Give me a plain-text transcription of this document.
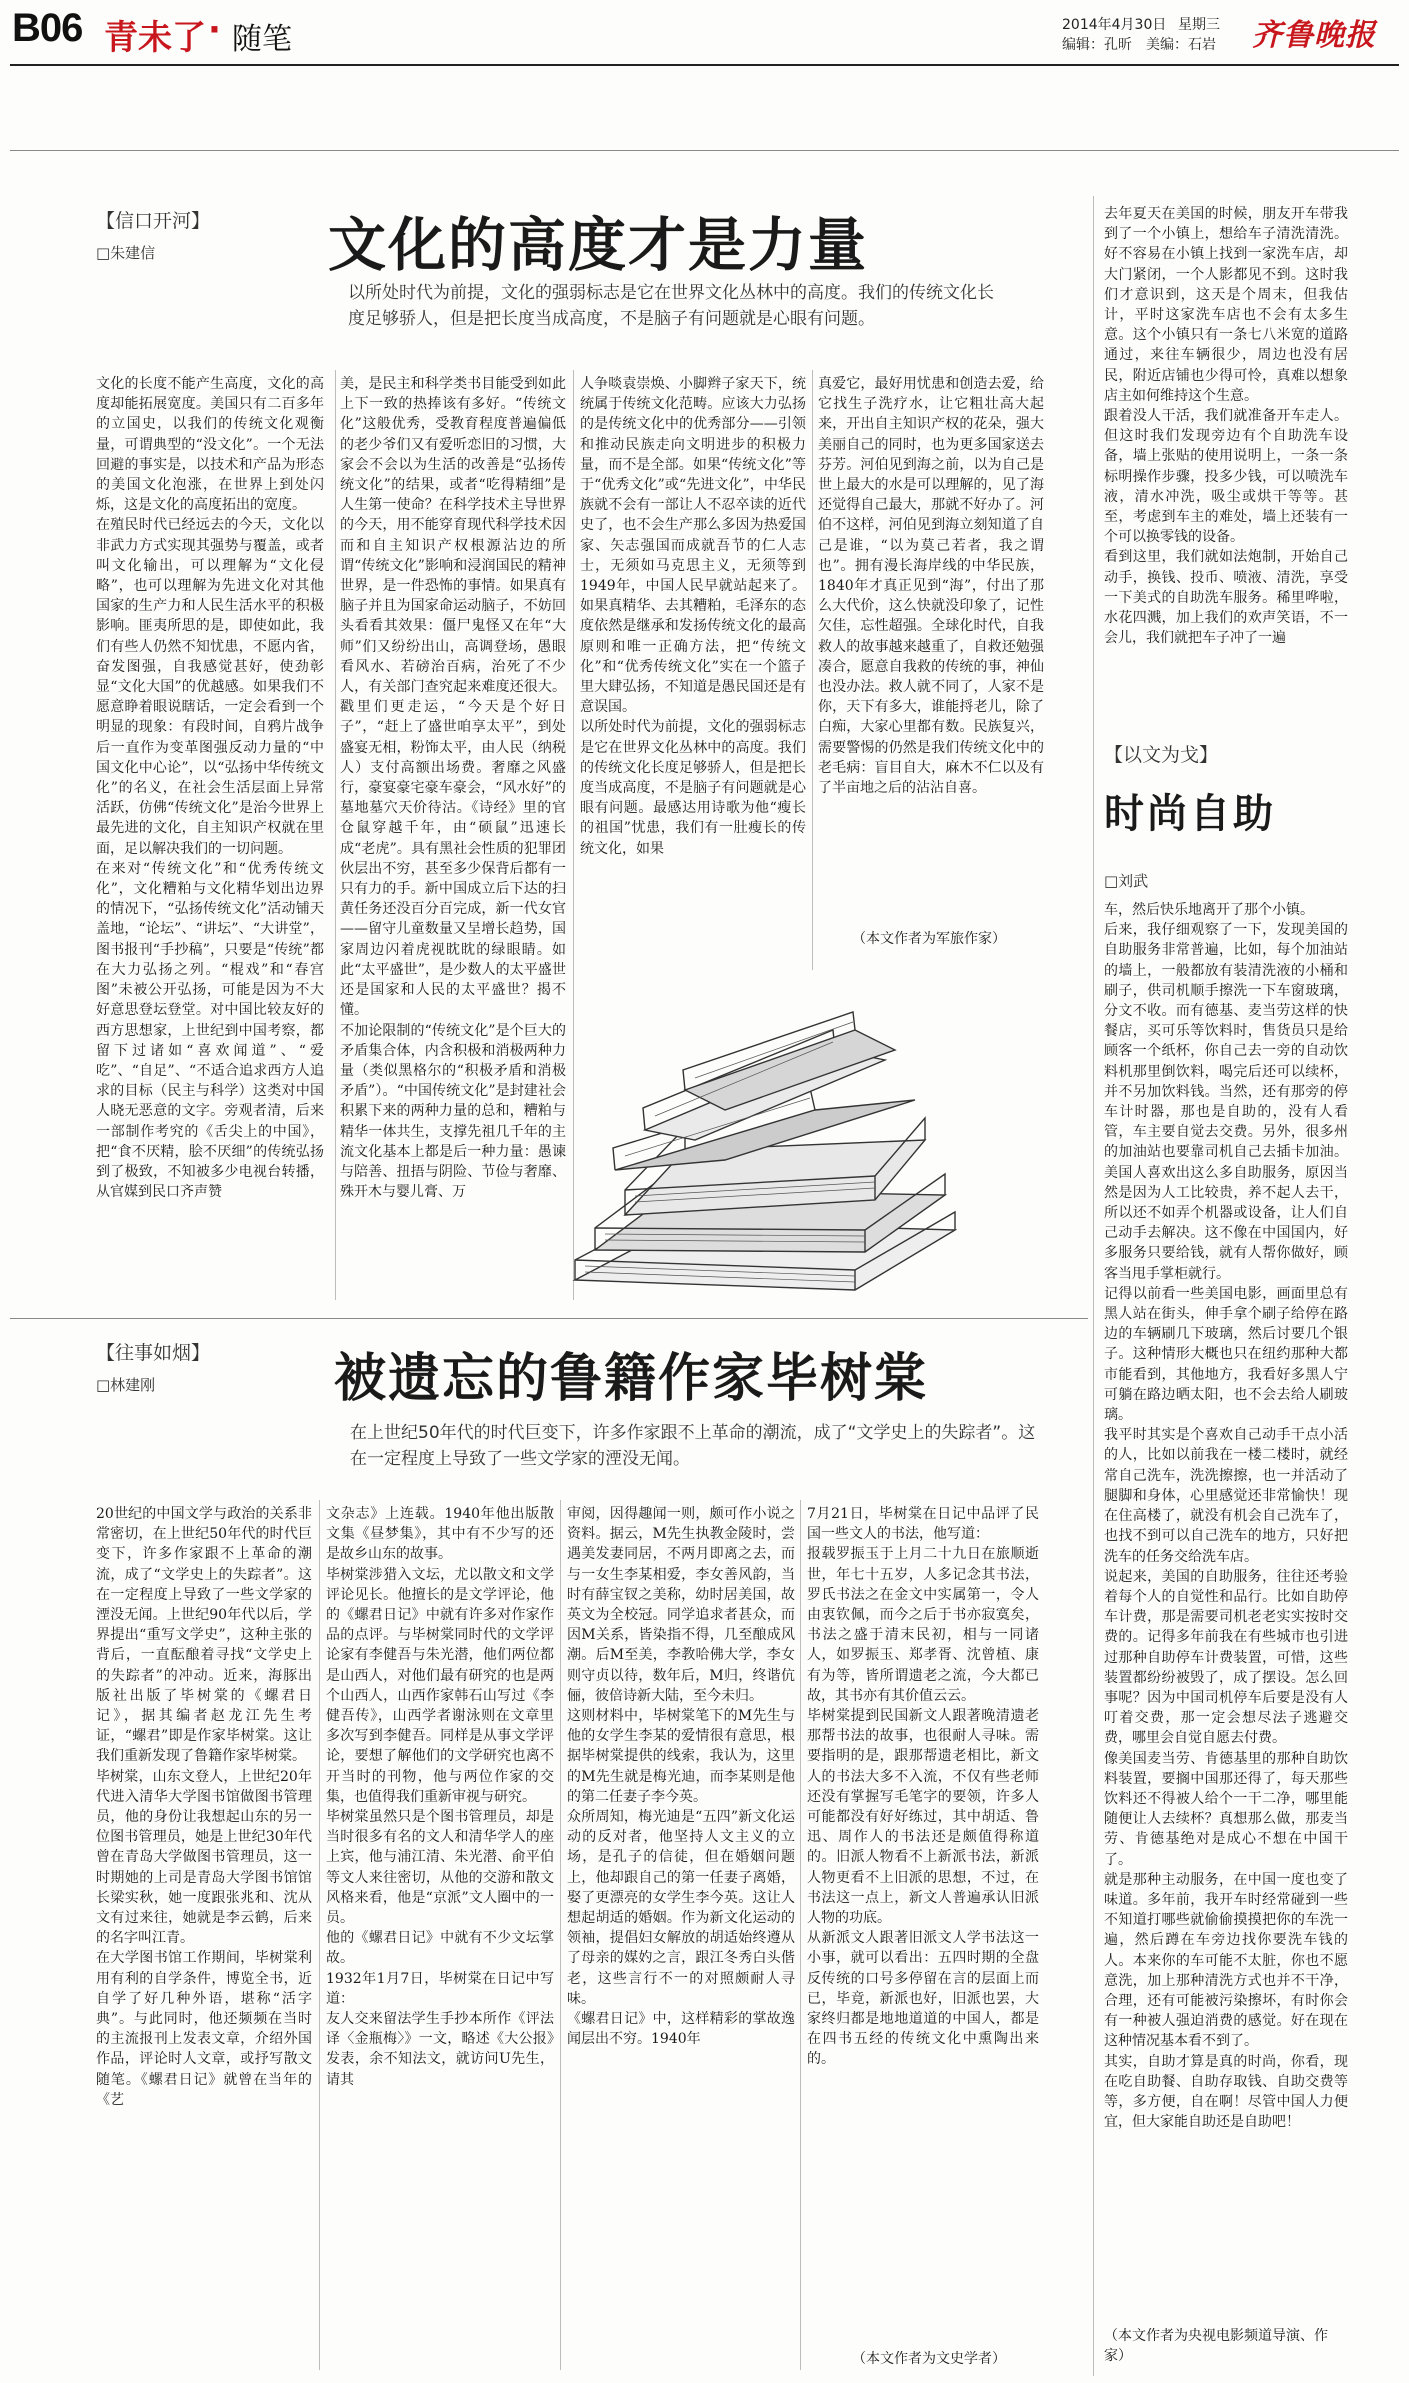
B06 青未了 · 随笔	2014年4月30日 星期三
编辑：孔昕　美编：石岩 齐鲁晚报
【信口开河】
□朱建信	文化的高度才是力量
以所处时代为前提，文化的强弱标志是它在世界文化丛林中的高度。我们的传统文化长度足够骄人，但是把长度当成高度，不是脑子有问题就是心眼有问题。
文化的长度不能产生高度，文化的高度却能拓展宽度。美国只有二百多年的立国史，以我们的传统文化观衡量，可谓典型的“没文化”。一个无法回避的事实是，以技术和产品为形态的美国文化泡涨，在世界上到处闪烁，这是文化的高度拓出的宽度。
在殖民时代已经远去的今天，文化以非武力方式实现其强势与覆盖，或者叫文化输出，可以理解为“文化侵略”，也可以理解为先进文化对其他国家的生产力和人民生活水平的积极影响。匪夷所思的是，即使如此，我们有些人仍然不知忧患，不愿内省，奋发图强，自我感觉甚好，使劲彰显“文化大国”的优越感。如果我们不愿意睁着眼说瞎话，一定会看到一个明显的现象：有段时间，自鸦片战争后一直作为变革图强反动力量的“中国文化中心论”，以“弘扬中华传统文化”的名义，在社会生活层面上异常活跃，仿佛“传统文化”是治今世界上最先进的文化，自主知识产权就在里面，足以解决我们的一切问题。
在来对“传统文化”和“优秀传统文化”，文化糟粕与文化精华划出边界的情况下，“弘扬传统文化”活动铺天盖地，“论坛”、“讲坛”、“大讲堂”，图书报刊“手抄稿”，只要是“传统”都在大力弘扬之列。“棍戏”和“春宫图”未被公开弘扬，可能是因为不大好意思登坛登堂。对中国比较友好的西方思想家，上世纪到中国考察，都留下过诸如“喜欢闻道”、“爱吃”、“自足”、“不适合追求西方人追求的目标（民主与科学）这类对中国人晓无恶意的文字。旁观者清，后来一部制作考究的《舌尖上的中国》，把“食不厌精，脍不厌细”的传统弘扬到了极致，不知被多少电视台转播，从官媒到民口齐声赞
美，是民主和科学类书目能受到如此上下一致的热捧该有多好。“传统文化”这般优秀，受教育程度普遍偏低的老少爷们又有爱听恋旧的习惯，大家会不会以为生活的改善是“弘扬传统文化”的结果，或者“吃得精细”是人生第一使命？在科学技术主导世界的今天，用不能穿育现代科学技术因而和自主知识产权根源沾边的所谓“传统文化”影响和浸润国民的精神世界，是一件恐怖的事情。如果真有脑子并且为国家命运动脑子，不妨回头看看其效果：僵尸鬼怪又在年“大师”们又纷纷出山，高调登场，愚眼看风水、若磅治百病，治死了不少人，有关部门查究起来难度还很大。戳里们更走运，“今天是个好日子”，“赶上了盛世咱享太平”，到处盛宴无相，粉饰太平，由人民（纳税人）支付高额出场费。奢靡之风盛行，豪宴豪宅豪车豪会，“风水好”的墓地墓穴天价待沽。《诗经》里的官仓鼠穿越千年，由“硕鼠”迅速长成“老虎”。具有黑社会性质的犯罪团伙层出不穷，甚至多少保背后都有一只有力的手。新中国成立后下达的扫黄任务还没百分百完成，新一代女官——留守儿童数量又呈增长趋势，国家周边闪着虎视眈眈的绿眼睛。如此“太平盛世”，是少数人的太平盛世还是国家和人民的太平盛世？揭不懂。
不加论限制的“传统文化”是个巨大的矛盾集合体，内含积极和消极两种力量（类似黑格尔的“积极矛盾和消极矛盾”）。“中国传统文化”是封建社会积累下来的两种力量的总和，糟粕与精华一体共生，支撑先祖几千年的主流文化基本上都是后一种力量：愚谏与陪善、扭捂与阴险、节俭与奢靡、殊开木与婴儿膏、万
人争啖袁崇焕、小脚辫子家天下，统统属于传统文化范畴。应该大力弘扬的是传统文化中的优秀部分——引领和推动民族走向文明进步的积极力量，而不是全部。如果“传统文化”等于“优秀文化”或“先进文化”，中华民族就不会有一部让人不忍卒读的近代史了，也不会生产那么多因为热爱国家、矢志强国而成就吾节的仁人志士，无须如马克思主义，无须等到1949年，中国人民早就站起来了。如果真精华、去其糟粕，毛泽东的态度依然是继承和发扬传统文化的最高原则和唯一正确方法，把“传统文化”和“优秀传统文化”实在一个篮子里大肆弘扬，不知道是愚民国还是有意误国。
以所处时代为前提，文化的强弱标志是它在世界文化丛林中的高度。我们的传统文化长度足够骄人，但是把长度当成高度，不是脑子有问题就是心眼有问题。最感达用诗歌为他“瘦长的祖国”忧患，我们有一肚瘦长的传统文化，如果
真爱它，最好用忧患和创造去爱，给它找生子洗疗水，让它粗壮高大起来，开出自主知识产权的花朵，强大美丽自己的同时，也为更多国家送去芬芳。河伯见到海之前，以为自己是世上最大的水是可以理解的，见了海还觉得自己最大，那就不好办了。河伯不这样，河伯见到海立刻知道了自己是谁，“以为莫己若者，我之谓也”。拥有漫长海岸线的中华民族，1840年才真正见到“海”，付出了那么大代价，这么快就没印象了，记性欠佳，忘性超强。全球化时代，自我救人的故事越来越重了，自救还勉强凑合，愿意自我救的传统的事，神仙也没办法。救人就不同了，人家不是你，天下有多大，谁能捋老儿，除了白痴，大家心里都有数。民族复兴，需要警惕的仍然是我们传统文化中的老毛病：盲目自大，麻木不仁以及有了半亩地之后的沾沾自喜。
（本文作者为军旅作家）
【往事如烟】
□林建刚	被遗忘的鲁籍作家毕树棠
在上世纪50年代的时代巨变下，许多作家跟不上革命的潮流，成了“文学史上的失踪者”。这在一定程度上导致了一些文学家的湮没无闻。
20世纪的中国文学与政治的关系非常密切，在上世纪50年代的时代巨变下，许多作家跟不上革命的潮流，成了“文学史上的失踪者”。这在一定程度上导致了一些文学家的湮没无闻。上世纪90年代以后，学界提出“重写文学史”，这种主张的背后，一直酝酿着寻找“文学史上的失踪者”的冲动。近来，海豚出版社出版了毕树棠的《螺君日记》，据其编者赵龙江先生考证，“螺君”即是作家毕树棠。这让我们重新发现了鲁籍作家毕树棠。
毕树棠，山东文登人，上世纪20年代进入清华大学图书馆做图书管理员，他的身份让我想起山东的另一位图书管理员，她是上世纪30年代曾在青岛大学做图书管理员，这一时期她的上司是青岛大学图书馆馆长梁实秋，她一度跟张兆和、沈从文有过来往，她就是李云鹤，后来的名字叫江青。
在大学图书馆工作期间，毕树棠利用有利的自学条件，博览全书，近自学了好几种外语，堪称“活字典”。与此同时，他还频频在当时的主流报刊上发表文章，介绍外国作品，评论时人文章，或抒写散文随笔。《螺君日记》就曾在当年的《艺
文杂志》上连载。1940年他出版散文集《昼梦集》，其中有不少写的还是故乡山东的故事。
毕树棠涉猎入文坛，尤以散文和文学评论见长。他擅长的是文学评论，他的《螺君日记》中就有许多对作家作品的点评。与毕树棠同时代的文学评论家有李健吾与朱光潜，他们两位都是山西人，对他们最有研究的也是两个山西人，山西作家韩石山写过《李健吾传》，山西学者谢泳则在文章里多次写到李健吾。同样是从事文学评论，要想了解他们的文学研究也离不开当时的刊物，他与两位作家的交集，也值得我们重新审视与研究。
毕树棠虽然只是个图书管理员，却是当时很多有名的文人和清华学人的座上宾，他与浦江清、朱光潜、俞平伯等文人来往密切，从他的交游和散文风格来看，他是“京派”文人圈中的一员。
他的《螺君日记》中就有不少文坛掌故。
1932年1月7日，毕树棠在日记中写道：
友人交来留法学生手抄本所作《评法译〈金瓶梅〉》一文，略述《大公报》发表，余不知法文，就访问U先生，请其
审阅，因得趣闻一则，颇可作小说之资料。据云，M先生执教金陵时，尝遇美发妻同居，不两月即离之去，而与一女生李某相爱，李女善风韵，当时有薛宝钗之美称，幼时居美国，故英文为全校冠。同学追求者甚众，而因M关系，皆染指不得，几至酿成风潮。后M至美，李教哈佛大学，李女则守贞以待，数年后，M归，终谐伉俪，彼倍诗新大陆，至今未归。
这则材料中，毕树棠笔下的M先生与他的女学生李某的爱情很有意思，根据毕树棠提供的线索，我认为，这里的M先生就是梅光迪，而李某则是他的第二任妻子李今英。
众所周知，梅光迪是“五四”新文化运动的反对者，他坚持人文主义的立场，是孔子的信徒，但在婚姻问题上，他却跟自己的第一任妻子离婚，娶了更漂亮的女学生李今英。这让人想起胡适的婚姻。作为新文化运动的领袖，提倡妇女解放的胡适始终遵从了母亲的媒妁之言，跟江冬秀白头偕老，这些言行不一的对照颇耐人寻味。
《螺君日记》中，这样精彩的掌故逸闻层出不穷。1940年
7月21日，毕树棠在日记中品评了民国一些文人的书法，他写道：
报载罗振玉于上月二十九日在旅顺逝世，年七十五岁，人多记念其书法，罗氏书法之在金文中实属第一，令人由衷钦佩，而今之后于书亦寂寞矣，书法之盛于清末民初，相与一同诸人，如罗振玉、郑孝胥、沈曾植、康有为等，皆所谓遗老之流，今大都已故，其书亦有其价值云云。
毕树棠提到民国新文人跟著晚清遗老那帮书法的故事，也很耐人寻味。需要指明的是，跟那帮遗老相比，新文人的书法大多不入流，不仅有些老师还没有掌握写毛笔字的要领，许多人可能都没有好好练过，其中胡适、鲁迅、周作人的书法还是颇值得称道的。旧派人物看不上新派书法，新派人物更看不上旧派的思想，不过，在书法这一点上，新文人普遍承认旧派人物的功底。
从新派文人跟著旧派文人学书法这一小事，就可以看出：五四时期的全盘反传统的口号多停留在言的层面上而已，毕竟，新派也好，旧派也罢，大家终归都是地地道道的中国人，都是在四书五经的传统文化中熏陶出来的。
（本文作者为文史学者）
去年夏天在美国的时候，朋友开车带我到了一个小镇上，想给车子清洗清洗。好不容易在小镇上找到一家洗车店，却大门紧闭，一个人影都见不到。这时我们才意识到，这天是个周末，但我估计，平时这家洗车店也不会有太多生意。这个小镇只有一条七八米宽的道路通过，来往车辆很少，周边也没有居民，附近店铺也少得可怜，真难以想象店主如何维持这个生意。
跟着没人干活，我们就准备开车走人。但这时我们发现旁边有个自助洗车设备，墙上张贴的使用说明上，一条一条标明操作步骤，投多少钱，可以喷洗车液，清水冲洗，吸尘或烘干等等。甚至，考虑到车主的难处，墙上还装有一个可以换零钱的设备。
看到这里，我们就如法炮制，开始自己动手，换钱、投币、喷液、清洗，享受一下美式的自助洗车服务。稀里哗啦，水花四溅，加上我们的欢声笑语，不一会儿，我们就把车子冲了一遍
【以文为戈】
时尚自助
□刘武
车，然后快乐地离开了那个小镇。
后来，我仔细观察了一下，发现美国的自助服务非常普遍，比如，每个加油站的墙上，一般都放有装清洗液的小桶和刷子，供司机顺手擦洗一下车窗玻璃，分文不收。而有德基、麦当劳这样的快餐店，买可乐等饮料时，售货员只是给顾客一个纸杯，你自己去一旁的自动饮料机那里倒饮料，喝完后还可以续杯，并不另加饮料钱。当然，还有那旁的停车计时器，那也是自助的，没有人看管，车主要自觉去交费。另外，很多州的加油站也要靠司机自己去插卡加油。美国人喜欢出这么多自助服务，原因当然是因为人工比较贵，养不起人去干，所以还不如弄个机器或设备，让人们自己动手去解决。这不像在中国国内，好多服务只要给钱，就有人帮你做好，顾客当甩手掌柜就行。
记得以前看一些美国电影，画面里总有黑人站在街头，伸手拿个刷子给停在路边的车辆刷几下玻璃，然后讨要几个银子。这种情形大概也只在纽约那种大都市能看到，其他地方，我看好多黑人宁可躺在路边晒太阳，也不会去给人刷玻璃。
我平时其实是个喜欢自己动手干点小活的人，比如以前我在一楼二楼时，就经常自己洗车，洗洗擦擦，也一并活动了腿脚和身体，心里感觉还非常愉快！现在住高楼了，就没有机会自己洗车了，也找不到可以自己洗车的地方，只好把洗车的任务交给洗车店。
说起来，美国的自助服务，往往还考验着每个人的自觉性和品行。比如自助停车计费，那是需要司机老老实实按时交费的。记得多年前我在有些城市也引进过那种自助停车计费装置，可惜，这些装置都纷纷被毁了，成了摆设。怎么回事呢？因为中国司机停车后要是没有人叮着交费，那一定会想尽法子逃避交费，哪里会自觉自愿去付费。
像美国麦当劳、肯德基里的那种自助饮料装置，要搁中国那还得了，每天那些饮料还不得被人给个一干二净，哪里能随便让人去续杯？真想那么做，那麦当劳、肯德基绝对是成心不想在中国干了。
就是那种主动服务，在中国一度也变了味道。多年前，我开车时经常碰到一些不知道打哪些就偷偷摸摸把你的车洗一遍，然后蹲在车旁边找你要洗车钱的人。本来你的车可能不太脏，你也不愿意洗，加上那种清洗方式也并不干净，合理，还有可能被污染擦坏，有时你会有一种被人强迫消费的感觉。好在现在这种情况基本看不到了。
其实，自助才算是真的时尚，你看，现在吃自助餐、自助存取钱、自助交费等等，多方便，自在啊！尽管中国人力便宜，但大家能自助还是自助吧！
（本文作者为央视电影频道导演、作家）
